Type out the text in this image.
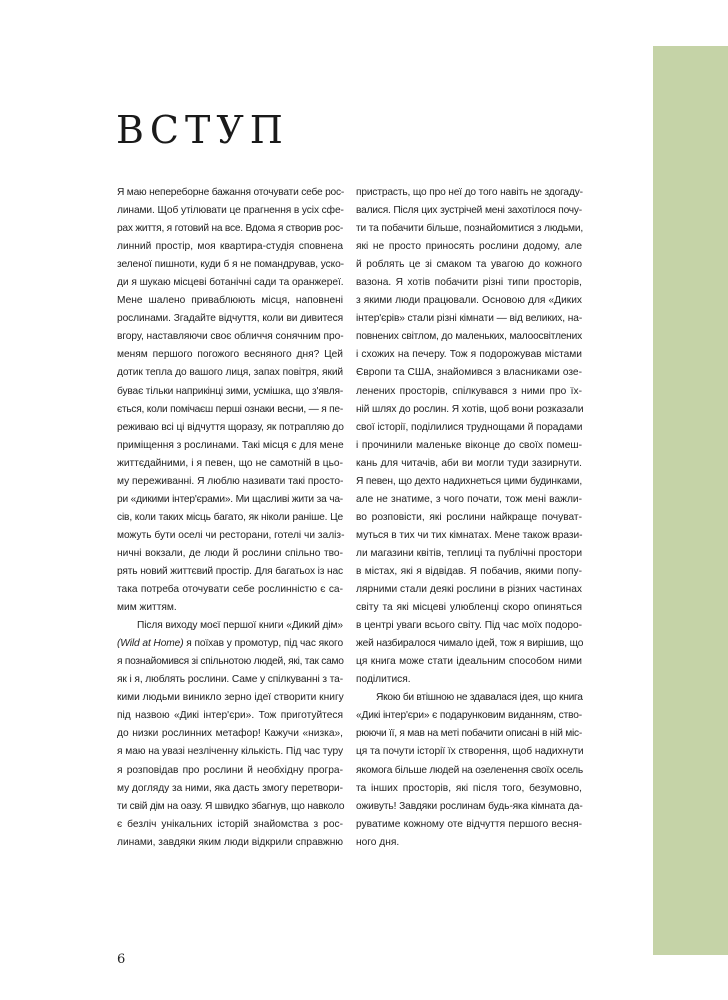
ВСТУП
Я маю непереборне бажання оточувати себе рос-
линами. Щоб утілювати це прагнення в усіх сфе-
рах життя, я готовий на все. Вдома я створив рос-
линний простір, моя квартира-студія сповнена
зеленої пишноти, куди б я не помандрував, уско-
ди я шукаю місцеві ботанічні сади та оранжереї.
Мене шалено приваблюють місця, наповнені
рослинами. Згадайте відчуття, коли ви дивитеся
вгору, наставляючи своє обличчя сонячним про-
меням першого погожого весняного дня? Цей
дотик тепла до вашого лиця, запах повітря, який
буває тільки наприкінці зими, усмішка, що з'явля-
ється, коли помічаєш перші ознаки весни, — я пе-
реживаю всі ці відчуття щоразу, як потрапляю до
приміщення з рослинами. Такі місця є для мене
життєдайними, і я певен, що не самотній в цьо-
му переживанні. Я люблю називати такі просто-
ри «дикими інтер'єрами». Ми щасливі жити за ча-
сів, коли таких місць багато, як ніколи раніше. Це
можуть бути оселі чи ресторани, готелі чи заліз-
ничні вокзали, де люди й рослини спільно тво-
рять новий життєвий простір. Для багатьох із нас
така потреба оточувати себе рослинністю є са-
мим життям.
Після виходу моєї першої книги «Дикий дім»
(Wild at Home) я поїхав у промотур, під час якого
я познайомився зі спільнотою людей, які, так само
як і я, люблять рослини. Саме у спілкуванні з та-
кими людьми виникло зерно ідеї створити книгу
під назвою «Дикі інтер'єри». Тож приготуйтеся
до низки рослинних метафор! Кажучи «низка»,
я маю на увазі незліченну кількість. Під час туру
я розповідав про рослини й необхідну програ-
му догляду за ними, яка дасть змогу перетвори-
ти свій дім на оазу. Я швидко збагнув, що навколо
є безліч унікальних історій знайомства з рос-
линами, завдяки яким люди відкрили справжню
пристрасть, що про неї до того навіть не здогаду-
валися. Після цих зустрічей мені захотілося почу-
ти та побачити більше, познайомитися з людьми,
які не просто приносять рослини додому, але
й роблять це зі смаком та увагою до кожного
вазона. Я хотів побачити різні типи просторів,
з якими люди працювали. Основою для «Диких
інтер'єрів» стали різні кімнати — від великих, на-
повнених світлом, до маленьких, малоосвітлених
і схожих на печеру. Тож я подорожував містами
Європи та США, знайомився з власниками озе-
ленених просторів, спілкувався з ними про їх-
ній шлях до рослин. Я хотів, щоб вони розказали
свої історії, поділилися труднощами й порадами
і прочинили маленьке віконце до своїх помеш-
кань для читачів, аби ви могли туди зазирнути.
Я певен, що дехто надихнеться цими будинками,
але не знатиме, з чого почати, тож мені важли-
во розповісти, які рослини найкраще почуват-
муться в тих чи тих кімнатах. Мене також врази-
ли магазини квітів, теплиці та публічні простори
в містах, які я відвідав. Я побачив, якими попу-
лярними стали деякі рослини в різних частинах
світу та які місцеві улюбленці скоро опиняться
в центрі уваги всього світу. Під час моїх подоро-
жей назбиралося чимало ідей, тож я вирішив, що
ця книга може стати ідеальним способом ними
поділитися.
Якою би втішною не здавалася ідея, що книга
«Дикі інтер'єри» є подарунковим виданням, ство-
рюючи її, я мав на меті побачити описані в ній міс-
ця та почути історії їх створення, щоб надихнути
якомога більше людей на озеленення своїх осель
та інших просторів, які після того, безумовно,
оживуть! Завдяки рослинам будь-яка кімната да-
руватиме кожному оте відчуття першого весня-
ного дня.
6
